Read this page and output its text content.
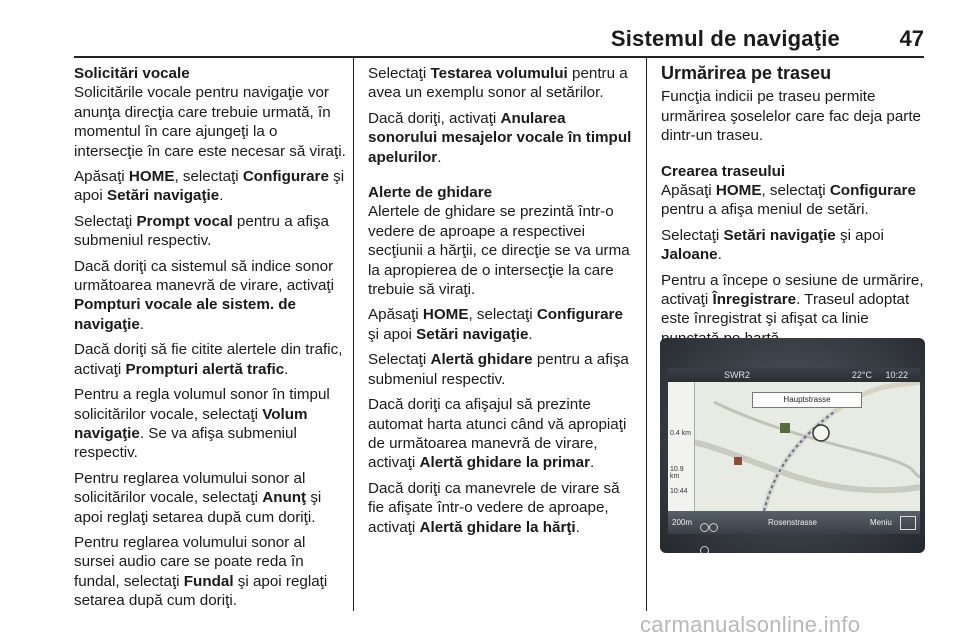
Sistemul de navigaţie	47
Solicitări vocale

Solicitările vocale pentru navigaţie vor anunţa direcţia care trebuie urmată, în momentul în care ajungeţi la o intersecţie în care este necesar să viraţi.

Apăsaţi HOME, selectaţi Configurare şi apoi Setări navigaţie.

Selectaţi Prompt vocal pentru a afişa submeniul respectiv.

Dacă doriţi ca sistemul să indice sonor următoarea manevră de virare, activaţi Pompturi vocale ale sistem. de navigaţie.

Dacă doriţi să fie citite alertele din trafic, activaţi Prompturi alertă trafic.

Pentru a regla volumul sonor în timpul solicitărilor vocale, selectaţi Volum navigaţie. Se va afişa submeniul respectiv.

Pentru reglarea volumului sonor al solicitărilor vocale, selectaţi Anunţ şi apoi reglaţi setarea după cum doriţi.

Pentru reglarea volumului sonor al sursei audio care se poate reda în fundal, selectaţi Fundal şi apoi reglaţi setarea după cum doriţi.

Selectaţi Testarea volumului pentru a avea un exemplu sonor al setărilor.

Dacă doriţi, activaţi Anularea sonorului mesajelor vocale în timpul apelurilor.

Alerte de ghidare

Alertele de ghidare se prezintă într-o vedere de aproape a respectivei secţiunii a hărţii, ce direcţie se va urma la apropierea de o intersecţie la care trebuie să viraţi.

Apăsaţi HOME, selectaţi Configurare şi apoi Setări navigaţie.

Selectaţi Alertă ghidare pentru a afişa submeniul respectiv.

Dacă doriţi ca afişajul să prezinte automat harta atunci când vă apropiaţi de următoarea manevră de virare, activaţi Alertă ghidare la primar.

Dacă doriţi ca manevrele de virare să fie afişate într-o vedere de aproape, activaţi Alertă ghidare la hărţi.

Urmărirea pe traseu

Funcţia indicii pe traseu permite urmărirea şoselelor care fac deja parte dintr-un traseu.

Crearea traseului

Apăsaţi HOME, selectaţi Configurare pentru a afişa meniul de setări.

Selectaţi Setări navigaţie şi apoi Jaloane.

Pentru a începe o sesiune de urmărire, activaţi Înregistrare. Traseul adoptat este înregistrat şi afişat ca linie

SWR2	22°C 10:22
Hauptstrasse
0.4 km
10.9 km
10:44
200m	Rosenstrasse	Meniu
carmanualsonline.info
